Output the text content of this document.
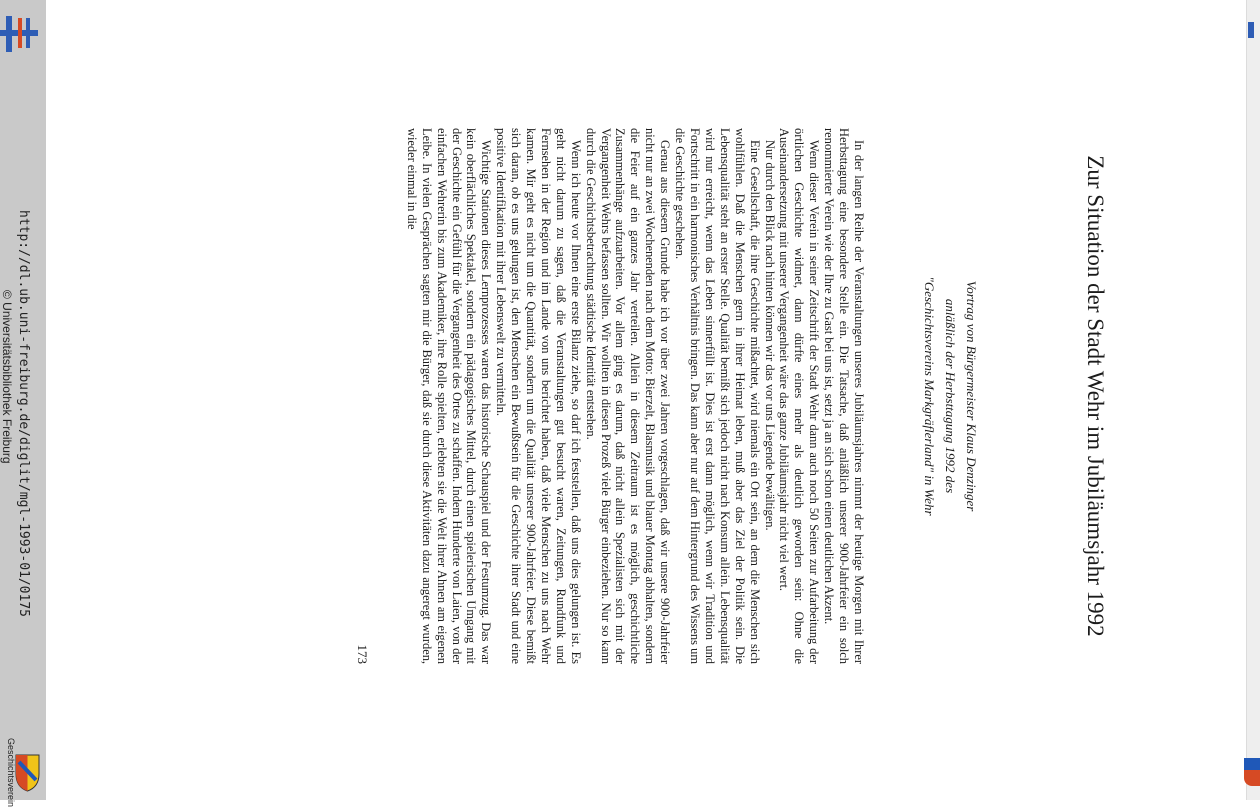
http://dl.ub.uni-freiburg.de/diglit/mgl-1993-01/0175
© Universitätsbibliothek Freiburg
Geschichtsverein
Zur Situation der Stadt Wehr im Jubiläumsjahr 1992
Vortrag von Bürgermeister Klaus Denzinger
anläßlich der Herbsttagung 1992 des
"Geschichtsvereins Markgräflerland" in Wehr

In der langen Reihe der Veranstaltungen unseres Jubiläumsjahres nimmt der heutige Morgen mit Ihrer Herbsttagung eine besondere Stelle ein. Die Tatsache, daß anläßlich unserer 900-Jahrfeier ein solch renommierter Verein wie der Ihre zu Gast bei uns ist, setzt ja an sich schon einen deutlichen Akzent.

Wenn dieser Verein in seiner Zeitschrift der Stadt Wehr dann auch noch 50 Seiten zur Aufarbeitung der örtlichen Geschichte widmet, dann dürfte eines mehr als deutlich geworden sein: Ohne die Auseinandersetzung mit unserer Vergangenheit wäre das ganze Jubiläumsjahr nicht viel wert.

Nur durch den Blick nach hinten können wir das vor uns Liegende bewältigen.

Eine Gesellschaft, die ihre Geschichte mißachtet, wird niemals ein Ort sein, an dem die Menschen sich wohlfühlen. Daß die Menschen gern in ihrer Heimat leben, muß aber das Ziel der Politik sein. Die Lebensqualität steht an erster Stelle. Qualität bemißt sich jedoch nicht nach Konsum allein. Lebensqualität wird nur erreicht, wenn das Leben sinnerfüllt ist. Dies ist erst dann möglich, wenn wir Tradition und Fortschritt in ein harmonisches Verhältnis bringen. Das kann aber nur auf dem Hintergrund des Wissens um die Geschichte geschehen.

Genau aus diesem Grunde habe ich vor über zwei Jahren vorgeschlagen, daß wir unsere 900-Jahrfeier nicht nur an zwei Wochenenden nach dem Motto: Bierzelt, Blasmusik und blauer Montag abhalten, sondern die Feier auf ein ganzes Jahr verteilen. Allein in diesem Zeitraum ist es möglich, geschichtliche Zusammenhänge aufzuarbeiten. Vor allem ging es darum, daß nicht allein Spezialisten sich mit der Vergangenheit Wehrs befassen sollten. Wir wollten in diesen Prozeß viele Bürger einbeziehen. Nur so kann durch die Geschichtsbetrachtung städtische Identität entstehen.

Wenn ich heute vor Ihnen eine erste Bilanz ziehe, so darf ich feststellen, daß uns dies gelungen ist. Es geht nicht darum zu sagen, daß die Veranstaltungen gut besucht waren, Zeitungen, Rundfunk und Fernsehen in der Region und im Lande von uns berichtet haben, daß viele Menschen zu uns nach Wehr kamen. Mir geht es nicht um die Quantität, sondern um die Qualität unserer 900-Jahrfeier. Diese bemißt sich daran, ob es uns gelungen ist, den Menschen ein Bewußtsein für die Geschichte ihrer Stadt und eine positive Identifikation mit ihrer Lebenswelt zu vermitteln.

Wichtige Stationen dieses Lernprozesses waren das historische Schauspiel und der Festumzug. Das war kein oberflächliches Spektakel, sondern ein pädagogisches Mittel, durch einen spielerischen Umgang mit der Geschichte ein Gefühl für die Vergangenheit des Ortes zu schaffen. Indem Hunderte von Laien, von der einfachen Wehrerin bis zum Akademiker, ihre Rolle spielten, erlebten sie die Welt ihrer Ahnen am eigenen Leibe. In vielen Gesprächen sagten mir die Bürger, daß sie durch diese Aktivitäten dazu angeregt wurden, wieder einmal in die

173
